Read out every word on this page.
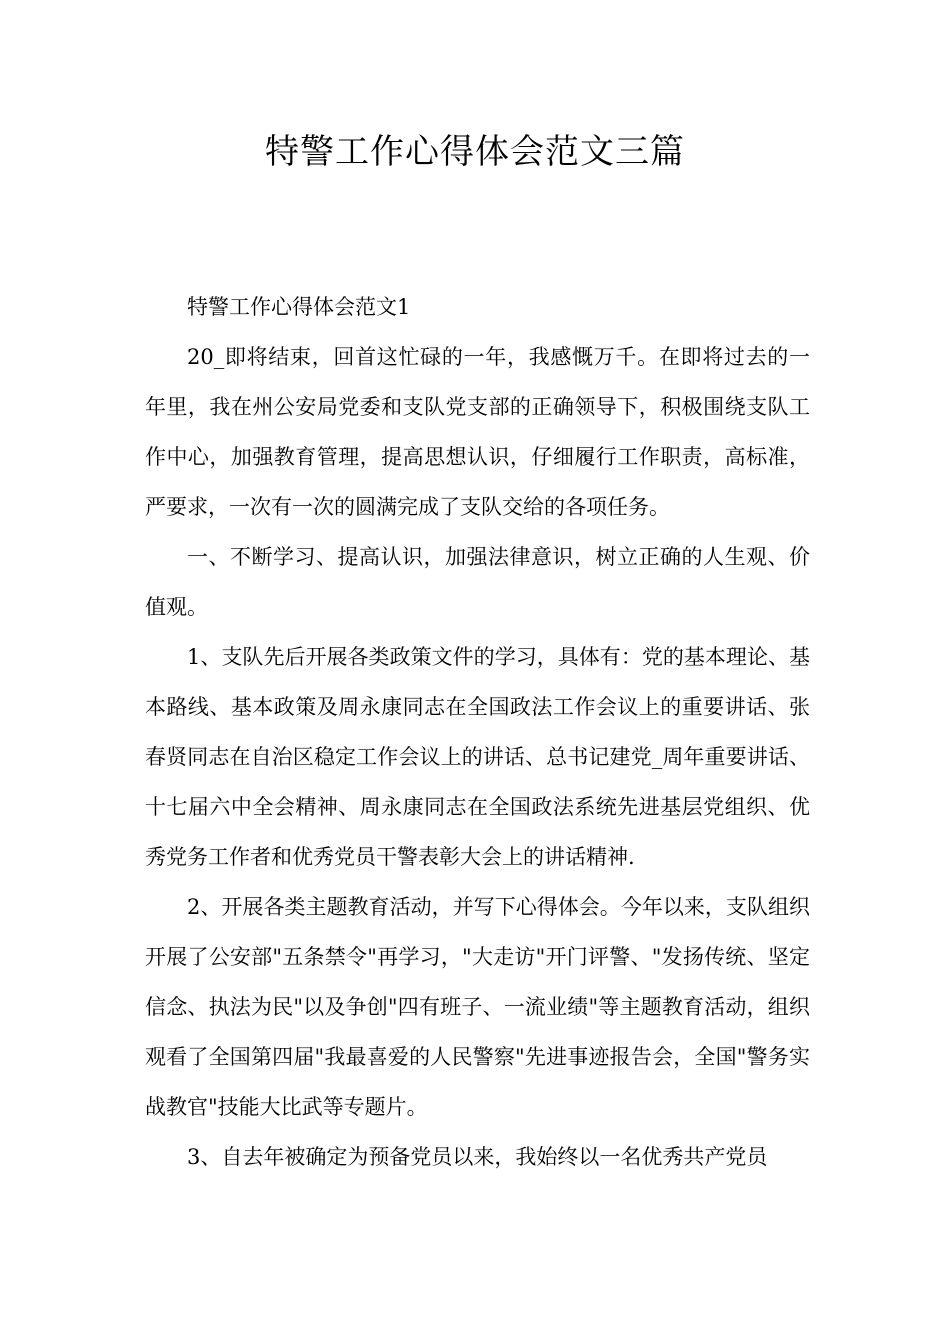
特警工作心得体会范文三篇

特警工作心得体会范文1

20_即将结束，回首这忙碌的一年，我感慨万千。在即将过去的一年里，我在州公安局党委和支队党支部的正确领导下，积极围绕支队工作中心，加强教育管理，提高思想认识，仔细履行工作职责，高标准，严要求，一次有一次的圆满完成了支队交给的各项任务。

一、不断学习、提高认识，加强法律意识，树立正确的人生观、价值观。

1、支队先后开展各类政策文件的学习，具体有：党的基本理论、基本路线、基本政策及周永康同志在全国政法工作会议上的重要讲话、张春贤同志在自治区稳定工作会议上的讲话、总书记建党_周年重要讲话、十七届六中全会精神、周永康同志在全国政法系统先进基层党组织、优秀党务工作者和优秀党员干警表彰大会上的讲话精神.

2、开展各类主题教育活动，并写下心得体会。今年以来，支队组织开展了公安部"五条禁令"再学习，"大走访"开门评警、"发扬传统、坚定信念、执法为民"以及争创"四有班子、一流业绩"等主题教育活动，组织观看了全国第四届"我最喜爱的人民警察"先进事迹报告会，全国"警务实战教官"技能大比武等专题片。

3、自去年被确定为预备党员以来，我始终以一名优秀共产党员
